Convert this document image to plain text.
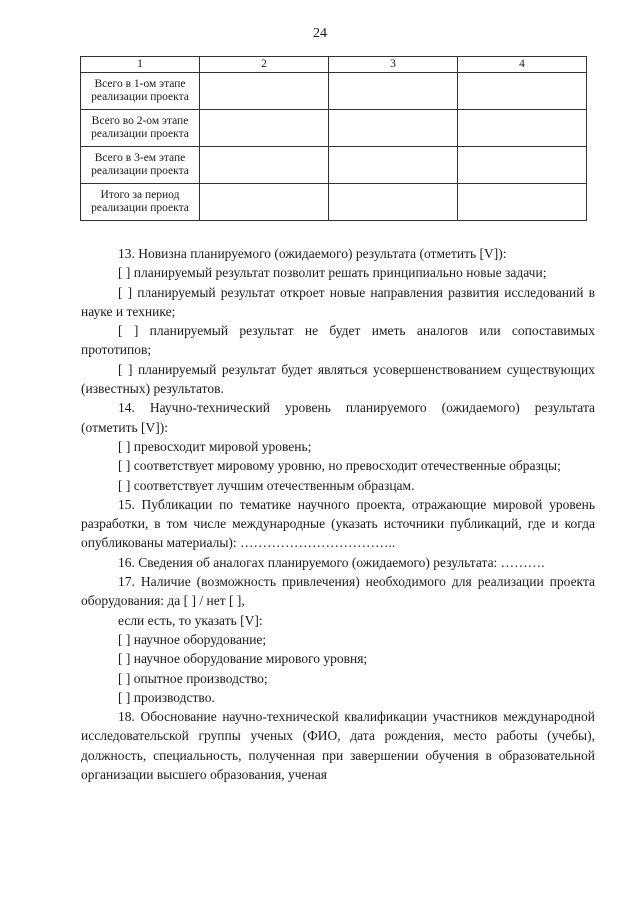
24
1	2	3	4
Всего в 1-ом этапе реализации проекта			
Всего во 2-ом этапе реализации проекта			
Всего в 3-ем этапе реализации проекта			
Итого за период реализации проекта			

13. Новизна планируемого (ожидаемого) результата (отметить [V]):

[ ] планируемый результат позволит решать принципиально новые задачи;

[ ] планируемый результат откроет новые направления развития исследований в науке и технике;

[ ] планируемый результат не будет иметь аналогов или сопоставимых прототипов;

[ ] планируемый результат будет являться усовершенствованием существующих (известных) результатов.

14. Научно-технический уровень планируемого (ожидаемого) результата (отметить [V]):

[ ] превосходит мировой уровень;

[ ] соответствует мировому уровню, но превосходит отечественные образцы;

[ ] соответствует лучшим отечественным образцам.

15. Публикации по тематике научного проекта, отражающие мировой уровень разработки, в том числе международные (указать источники публикаций, где и когда опубликованы материалы): ……………………………..

16. Сведения об аналогах планируемого (ожидаемого) результата: ……….

17. Наличие (возможность привлечения) необходимого для реализации проекта оборудования: да [ ] / нет [ ],

если есть, то указать [V]:

[ ] научное оборудование;

[ ] научное оборудование мирового уровня;

[ ] опытное производство;

[ ] производство.

18. Обоснование научно-технической квалификации участников международной исследовательской группы ученых (ФИО, дата рождения, место работы (учебы), должность, специальность, полученная при завершении обучения в образовательной организации высшего образования, ученая
